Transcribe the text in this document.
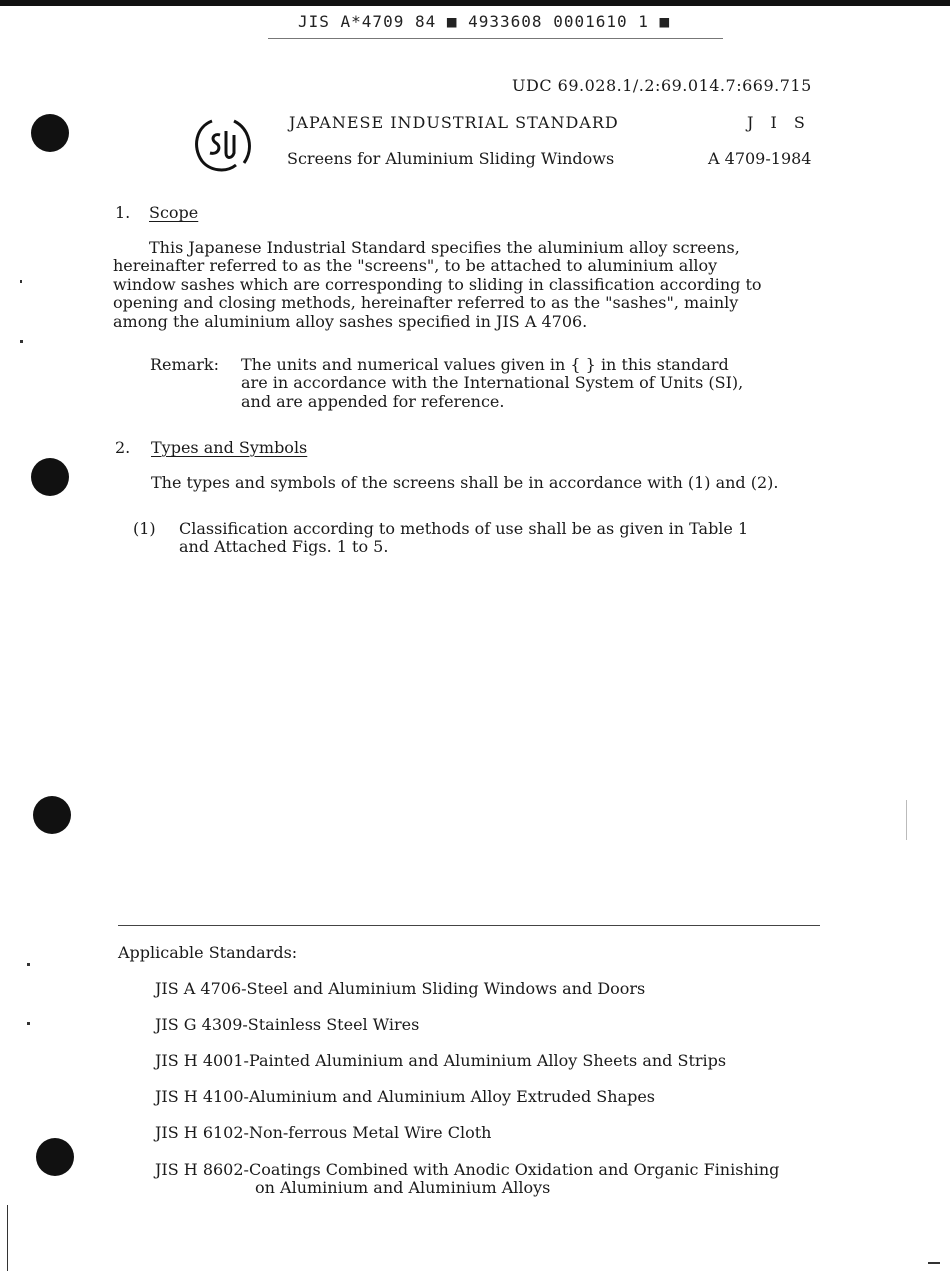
JIS A*4709 84 ■ 4933608 0001610 1 ■
UDC 69.028.1/.2:69.014.7:669.715
JAPANESE INDUSTRIAL STANDARD	J I S
Screens for Aluminium Sliding Windows	A 4709-1984
1. Scope
This Japanese Industrial Standard specifies the aluminium alloy screens,
hereinafter referred to as the "screens", to be attached to aluminium alloy
window sashes which are corresponding to sliding in classification according to
opening and closing methods, hereinafter referred to as the "sashes", mainly
among the aluminium alloy sashes specified in JIS A 4706.
Remark: The units and numerical values given in { } in this standard
are in accordance with the International System of Units (SI),
and are appended for reference.
2. Types and Symbols
The types and symbols of the screens shall be in accordance with (1) and (2).
(1) Classification according to methods of use shall be as given in Table 1
and Attached Figs. 1 to 5.
Applicable Standards:
JIS A 4706-Steel and Aluminium Sliding Windows and Doors
JIS G 4309-Stainless Steel Wires
JIS H 4001-Painted Aluminium and Aluminium Alloy Sheets and Strips
JIS H 4100-Aluminium and Aluminium Alloy Extruded Shapes
JIS H 6102-Non-ferrous Metal Wire Cloth
JIS H 8602-Coatings Combined with Anodic Oxidation and Organic Finishing
on Aluminium and Aluminium Alloys
